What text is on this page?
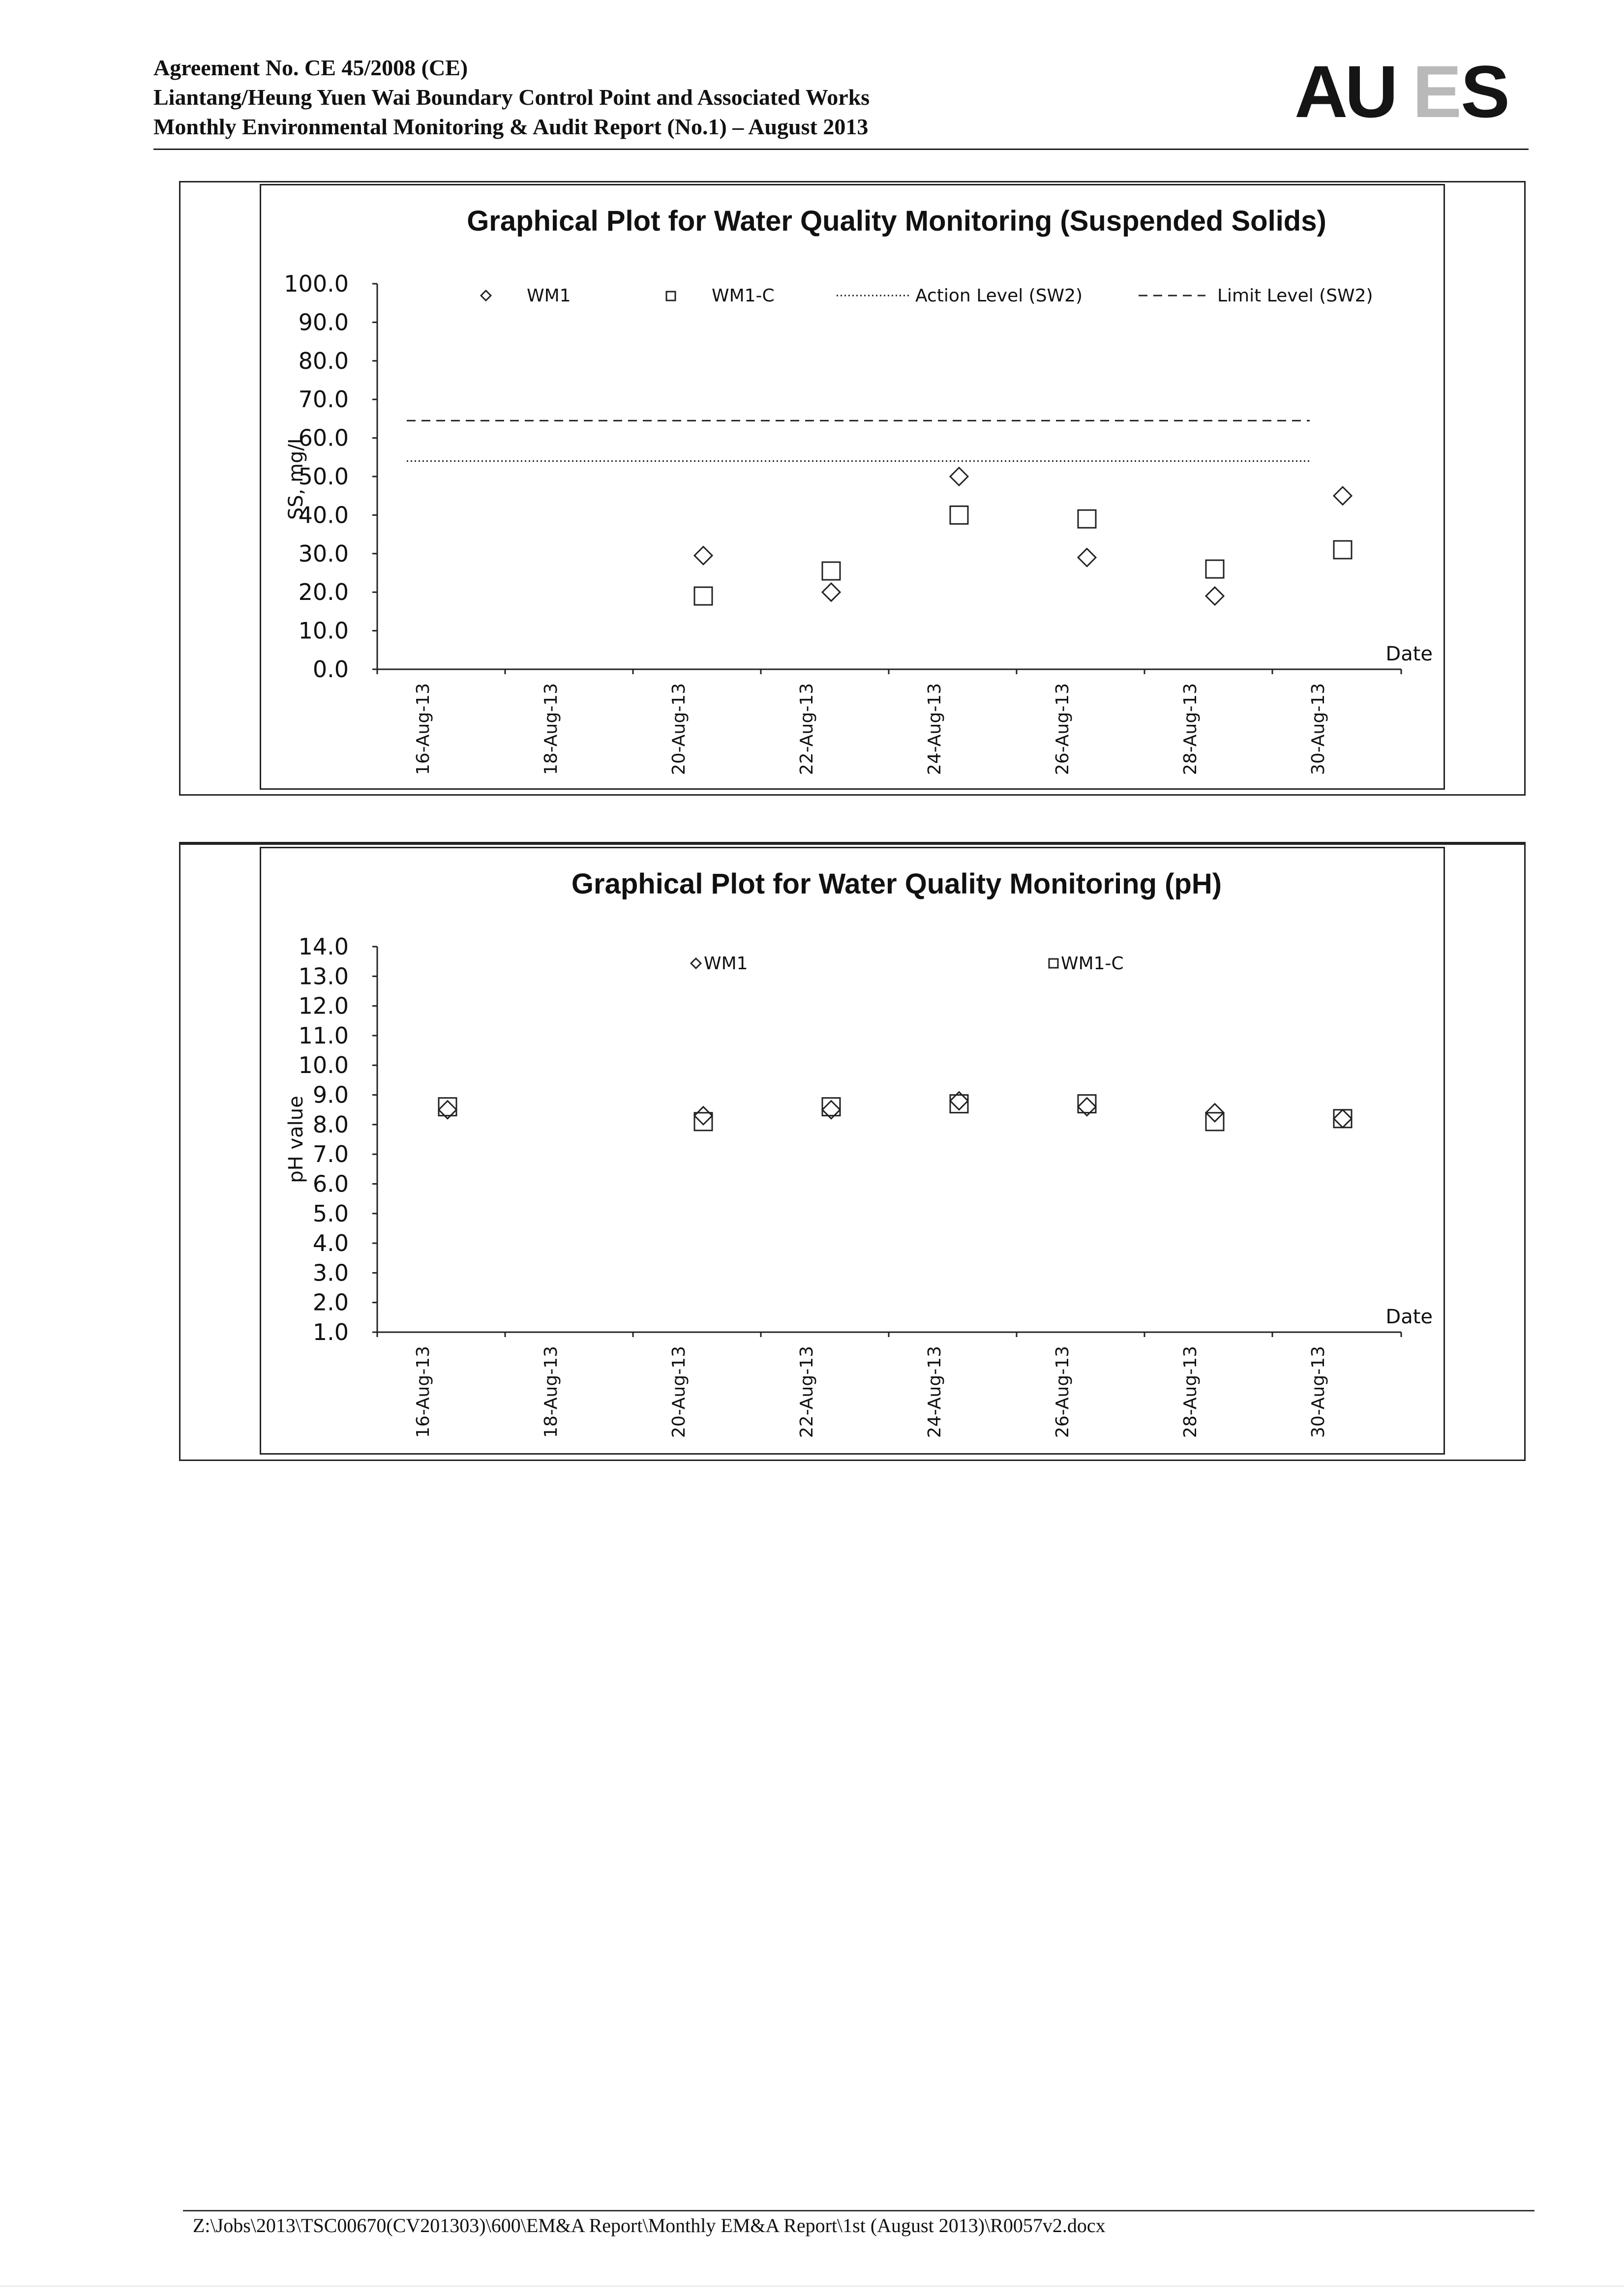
Agreement No. CE 45/2008 (CE)
Liantang/Heung Yuen Wai Boundary Control Point and Associated Works
Monthly Environmental Monitoring & Audit Report (No.1) – August 2013	AU E
S
Graphical Plot for Water Quality Monitoring (Suspended Solids)
WM1	WM1-C	Action Level (SW2)	Limit Level (SW2)
0.0
10.0
20.0
30.0
40.0
50.0
60.0
70.0
80.0
90.0
100.0
16-Aug-13	18-Aug-13	20-Aug-13	22-Aug-13	24-Aug-13	26-Aug-13	28-Aug-13	30-Aug-13
SS, mg/L
Date
Graphical Plot for Water Quality Monitoring (pH)
WM1	WM1-C
1.0
2.0
3.0
4.0
5.0
6.0
7.0
8.0
9.0
10.0
11.0
12.0
13.0
14.0
16-Aug-13	18-Aug-13	20-Aug-13	22-Aug-13	24-Aug-13	26-Aug-13	28-Aug-13	30-Aug-13
pH value
Date
Z:\Jobs\2013\TSC00670(CV201303)\600\EM&A Report\Monthly EM&A Report\1st (August 2013)\R0057v2.docx
